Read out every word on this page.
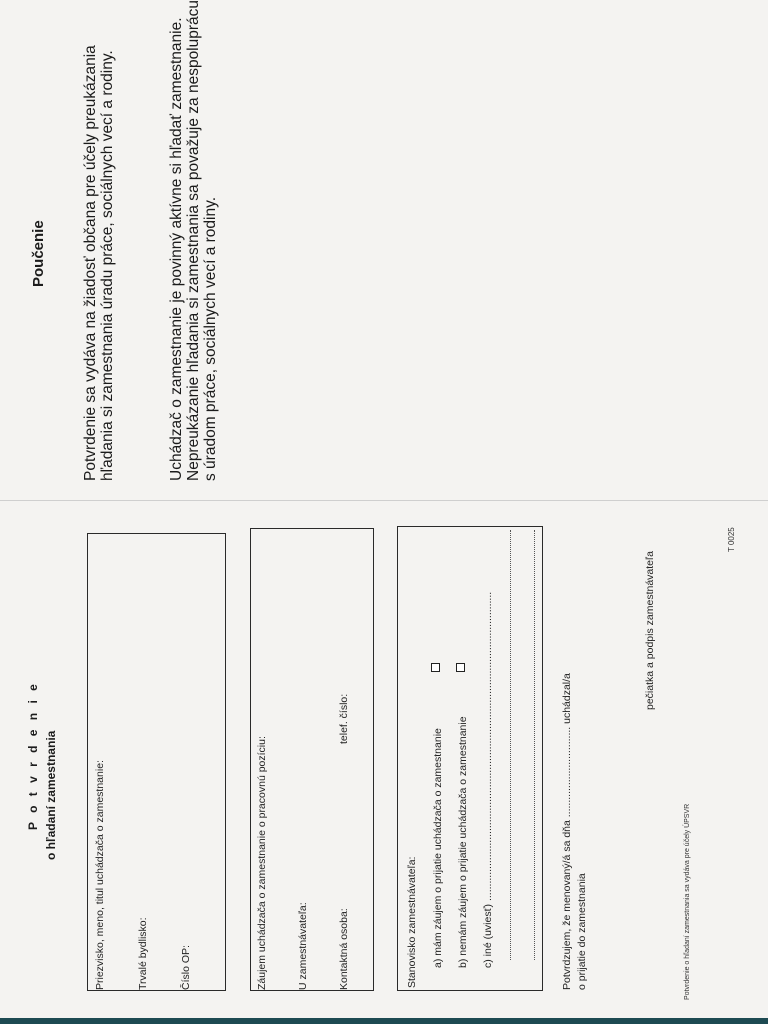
P o t v r d e n i e o hľadaní zamestnania	Priezvisko, meno, titul uchádzača o zamestnanie:	Trvalé bydlisko:	Číslo OP:	Záujem uchádzača o zamestnanie o pracovnú pozíciu:	U zamestnávateľa:	Kontaktná osoba:
telef. číslo:
Stanovisko zamestnávateľa: a) mám záujem o prijatie uchádzača o zamestnanie b) nemám záujem o prijatie uchádzača o zamestnanie c) iné (uviesť) ..........................................................................................................	Potvrdzujem, že menovaný/á sa dňa ............................... uchádzal/a o prijatie do zamestnania
pečiatka a podpis zamestnávateľa
T 0025
Potvrdenie o hľadaní zamestnania sa vydáva pre účely ÚPSVR
Poučenie Potvrdenie sa vydáva na žiadosť občana pre účely preukázania hľadania si zamestnania úradu práce, sociálnych vecí a rodiny.	Uchádzač o zamestnanie je povinný aktívne si hľadať zamestnanie. Nepreukázanie hľadania si zamestnania sa považuje za nespoluprácu s úradom práce, sociálnych vecí a rodiny.
